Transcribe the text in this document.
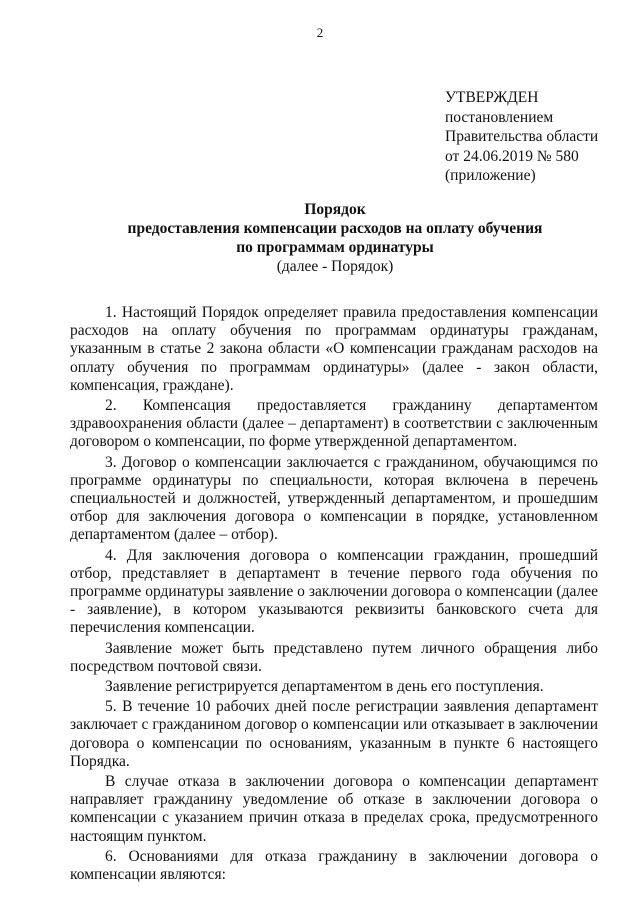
2
УТВЕРЖДЕН
постановлением
Правительства области
от 24.06.2019 № 580
(приложение)
Порядок
предоставления компенсации расходов на оплату обучения
по программам ординатуры
(далее - Порядок)

1. Настоящий Порядок определяет правила предоставления компенсации расходов на оплату обучения по программам ординатуры гражданам, указанным в статье 2 закона области «О компенсации гражданам расходов на оплату обучения по программам ординатуры» (далее - закон области, компенсация, граждане).

2. Компенсация предоставляется гражданину департаментом здравоохранения области (далее – департамент) в соответствии с заключенным договором о компенсации, по форме утвержденной департаментом.

3. Договор о компенсации заключается с гражданином, обучающимся по программе ординатуры по специальности, которая включена в перечень специальностей и должностей, утвержденный департаментом, и прошедшим отбор для заключения договора о компенсации в порядке, установленном департаментом (далее – отбор).

4. Для заключения договора о компенсации гражданин, прошедший отбор, представляет в департамент в течение первого года обучения по программе ординатуры заявление о заключении договора о компенсации (далее - заявление), в котором указываются реквизиты банковского счета для перечисления компенсации.

Заявление может быть представлено путем личного обращения либо посредством почтовой связи.

Заявление регистрируется департаментом в день его поступления.

5. В течение 10 рабочих дней после регистрации заявления департамент заключает с гражданином договор о компенсации или отказывает в заключении договора о компенсации по основаниям, указанным в пункте 6 настоящего Порядка.

В случае отказа в заключении договора о компенсации департамент направляет гражданину уведомление об отказе в заключении договора о компенсации с указанием причин отказа в пределах срока, предусмотренного настоящим пунктом.

6. Основаниями для отказа гражданину в заключении договора о компенсации являются:
